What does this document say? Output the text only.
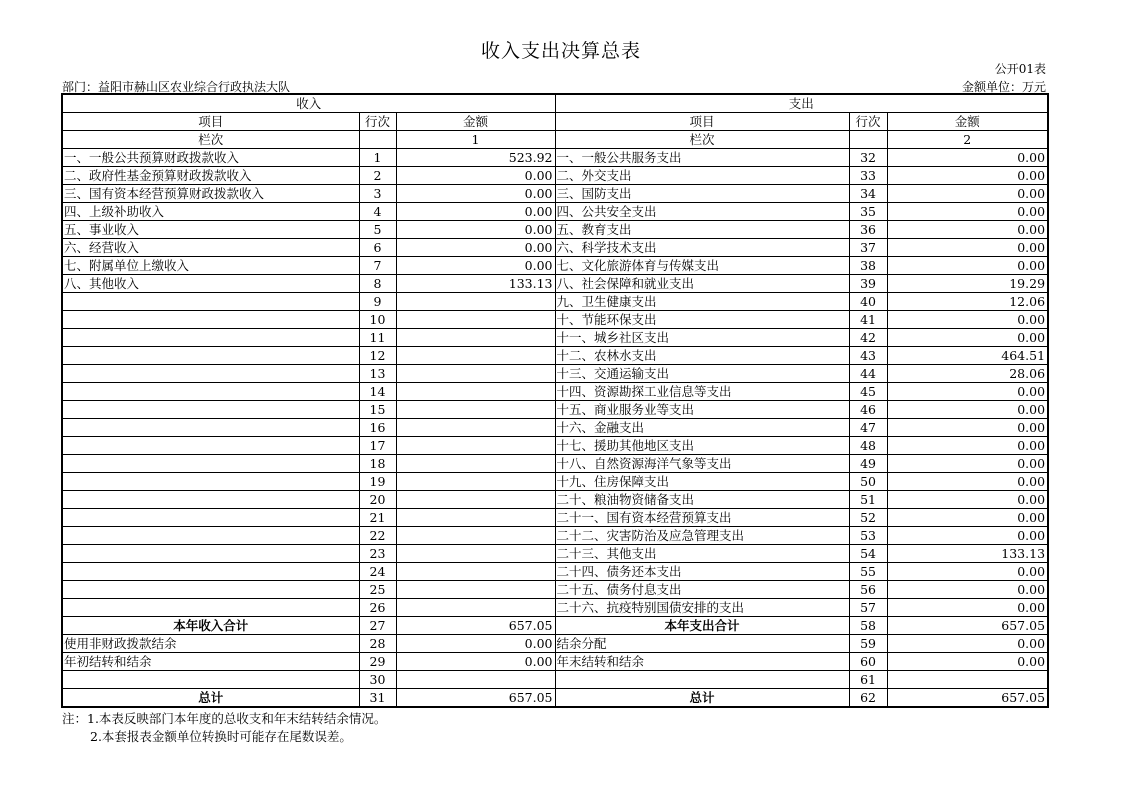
收入支出决算总表
公开01表
部门：益阳市赫山区农业综合行政执法大队	金额单位：万元
收入			支出		
项目	行次	金额	项目	行次	金额
栏次		1	栏次		2
一、一般公共预算财政拨款收入	1	523.92	一、一般公共服务支出	32	0.00
二、政府性基金预算财政拨款收入	2	0.00	二、外交支出	33	0.00
三、国有资本经营预算财政拨款收入	3	0.00	三、国防支出	34	0.00
四、上级补助收入	4	0.00	四、公共安全支出	35	0.00
五、事业收入	5	0.00	五、教育支出	36	0.00
六、经营收入	6	0.00	六、科学技术支出	37	0.00
七、附属单位上缴收入	7	0.00	七、文化旅游体育与传媒支出	38	0.00
八、其他收入	8	133.13	八、社会保障和就业支出	39	19.29
	9		九、卫生健康支出	40	12.06
	10		十、节能环保支出	41	0.00
	11		十一、城乡社区支出	42	0.00
	12		十二、农林水支出	43	464.51
	13		十三、交通运输支出	44	28.06
	14		十四、资源勘探工业信息等支出	45	0.00
	15		十五、商业服务业等支出	46	0.00
	16		十六、金融支出	47	0.00
	17		十七、援助其他地区支出	48	0.00
	18		十八、自然资源海洋气象等支出	49	0.00
	19		十九、住房保障支出	50	0.00
	20		二十、粮油物资储备支出	51	0.00
	21		二十一、国有资本经营预算支出	52	0.00
	22		二十二、灾害防治及应急管理支出	53	0.00
	23		二十三、其他支出	54	133.13
	24		二十四、债务还本支出	55	0.00
	25		二十五、债务付息支出	56	0.00
	26		二十六、抗疫特别国债安排的支出	57	0.00
本年收入合计	27	657.05	本年支出合计	58	657.05
使用非财政拨款结余	28	0.00	结余分配	59	0.00
年初结转和结余	29	0.00	年末结转和结余	60	0.00
	30			61	
总计	31	657.05	总计	62	657.05
注：1.本表反映部门本年度的总收支和年末结转结余情况。
2.本套报表金额单位转换时可能存在尾数误差。
